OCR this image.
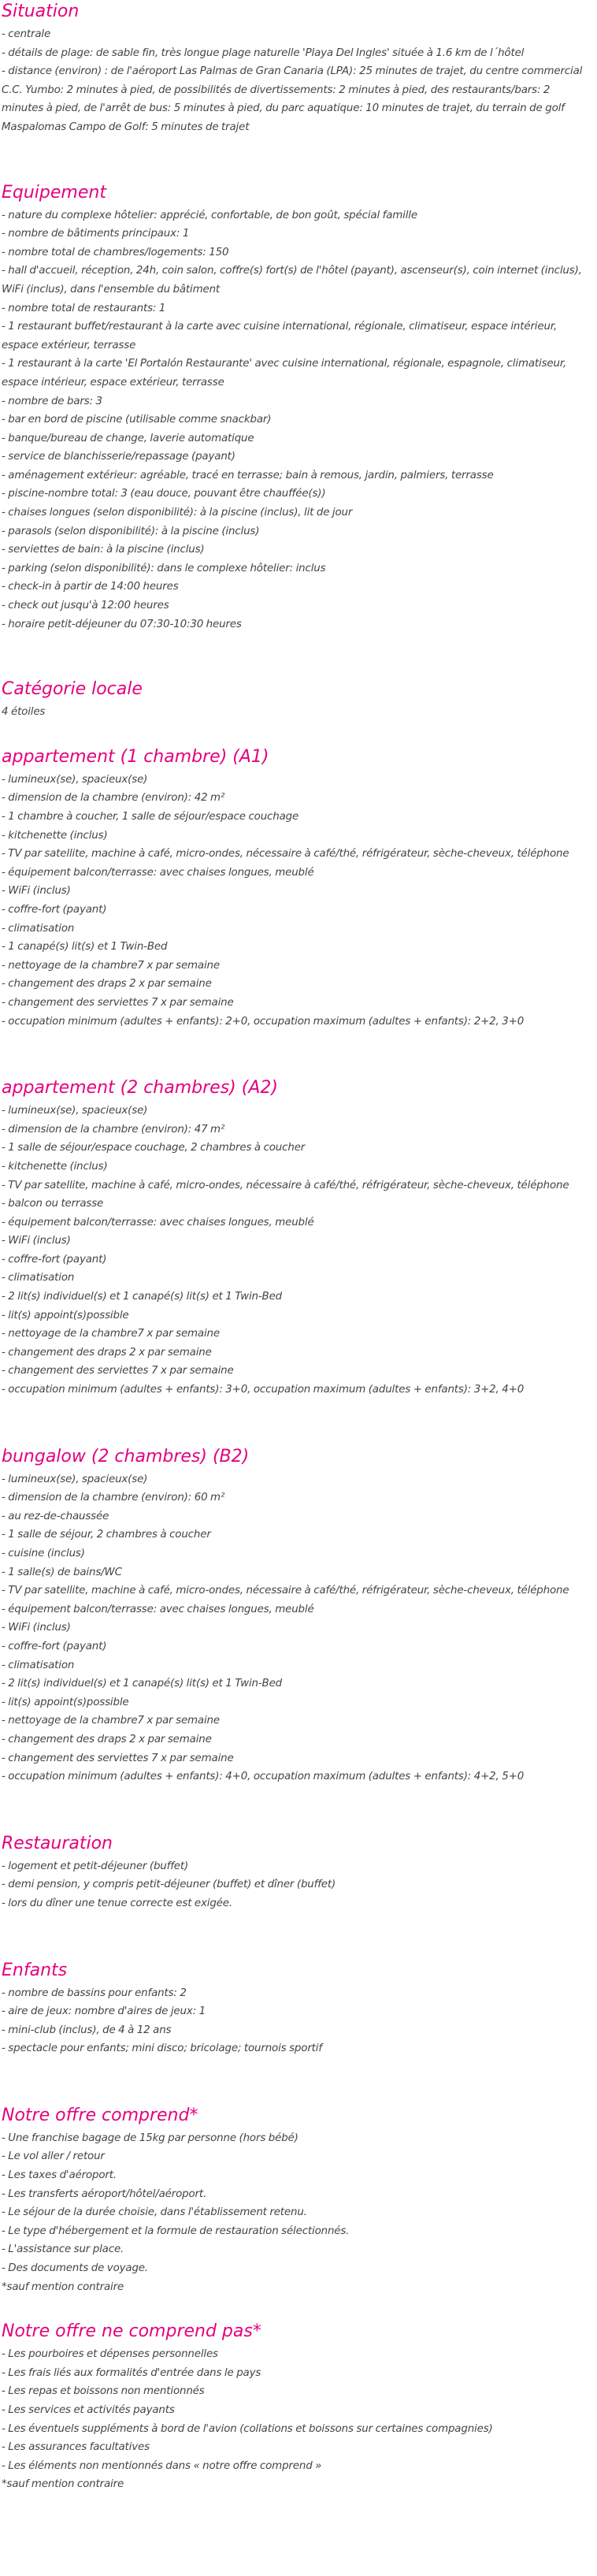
Situation
- centrale
- détails de plage: de sable fin, très longue plage naturelle 'Playa Del Ingles' située à 1.6 km de l´hôtel
- distance (environ) : de l'aéroport Las Palmas de Gran Canaria (LPA): 25 minutes de trajet, du centre commercial C.C. Yumbo: 2 minutes à pied, de possibilités de divertissements: 2 minutes à pied, des restaurants/bars: 2 minutes à pied, de l'arrêt de bus: 5 minutes à pied, du parc aquatique: 10 minutes de trajet, du terrain de golf Maspalomas Campo de Golf: 5 minutes de trajet
Equipement
- nature du complexe hôtelier: apprécié, confortable, de bon goût, spécial famille
- nombre de bâtiments principaux: 1
- nombre total de chambres/logements: 150
- hall d'accueil, réception, 24h, coin salon, coffre(s) fort(s) de l'hôtel (payant), ascenseur(s), coin internet (inclus), WiFi (inclus), dans l'ensemble du bâtiment
- nombre total de restaurants: 1
- 1 restaurant buffet/restaurant à la carte avec cuisine international, régionale, climatiseur, espace intérieur, espace extérieur, terrasse
- 1 restaurant à la carte 'El Portalón Restaurante' avec cuisine international, régionale, espagnole, climatiseur, espace intérieur, espace extérieur, terrasse
- nombre de bars: 3
- bar en bord de piscine (utilisable comme snackbar)
- banque/bureau de change, laverie automatique
- service de blanchisserie/repassage (payant)
- aménagement extérieur: agréable, tracé en terrasse; bain à remous, jardin, palmiers, terrasse
- piscine-nombre total: 3 (eau douce, pouvant être chauffée(s))
- chaises longues (selon disponibilité): à la piscine (inclus), lit de jour
- parasols (selon disponibilité): à la piscine (inclus)
- serviettes de bain: à la piscine (inclus)
- parking (selon disponibilité): dans le complexe hôtelier: inclus
- check-in à partir de 14:00 heures
- check out jusqu'à 12:00 heures
- horaire petit-déjeuner du 07:30-10:30 heures
Catégorie locale
4 étoiles
appartement (1 chambre) (A1)
- lumineux(se), spacieux(se)
- dimension de la chambre (environ): 42 m²
- 1 chambre à coucher, 1 salle de séjour/espace couchage
- kitchenette (inclus)
- TV par satellite, machine à café, micro-ondes, nécessaire à café/thé, réfrigérateur, sèche-cheveux, téléphone
- équipement balcon/terrasse: avec chaises longues, meublé
- WiFi (inclus)
- coffre-fort (payant)
- climatisation
- 1 canapé(s) lit(s) et 1 Twin-Bed
- nettoyage de la chambre7 x par semaine
- changement des draps 2 x par semaine
- changement des serviettes 7 x par semaine
- occupation minimum (adultes + enfants): 2+0, occupation maximum (adultes + enfants): 2+2, 3+0
appartement (2 chambres) (A2)
- lumineux(se), spacieux(se)
- dimension de la chambre (environ): 47 m²
- 1 salle de séjour/espace couchage, 2 chambres à coucher
- kitchenette (inclus)
- TV par satellite, machine à café, micro-ondes, nécessaire à café/thé, réfrigérateur, sèche-cheveux, téléphone
- balcon ou terrasse
- équipement balcon/terrasse: avec chaises longues, meublé
- WiFi (inclus)
- coffre-fort (payant)
- climatisation
- 2 lit(s) individuel(s) et 1 canapé(s) lit(s) et 1 Twin-Bed
- lit(s) appoint(s)possible
- nettoyage de la chambre7 x par semaine
- changement des draps 2 x par semaine
- changement des serviettes 7 x par semaine
- occupation minimum (adultes + enfants): 3+0, occupation maximum (adultes + enfants): 3+2, 4+0
bungalow (2 chambres) (B2)
- lumineux(se), spacieux(se)
- dimension de la chambre (environ): 60 m²
- au rez-de-chaussée
- 1 salle de séjour, 2 chambres à coucher
- cuisine (inclus)
- 1 salle(s) de bains/WC
- TV par satellite, machine à café, micro-ondes, nécessaire à café/thé, réfrigérateur, sèche-cheveux, téléphone
- équipement balcon/terrasse: avec chaises longues, meublé
- WiFi (inclus)
- coffre-fort (payant)
- climatisation
- 2 lit(s) individuel(s) et 1 canapé(s) lit(s) et 1 Twin-Bed
- lit(s) appoint(s)possible
- nettoyage de la chambre7 x par semaine
- changement des draps 2 x par semaine
- changement des serviettes 7 x par semaine
- occupation minimum (adultes + enfants): 4+0, occupation maximum (adultes + enfants): 4+2, 5+0
Restauration
- logement et petit-déjeuner (buffet)
- demi pension, y compris petit-déjeuner (buffet) et dîner (buffet)
- lors du dîner une tenue correcte est exigée.
Enfants
- nombre de bassins pour enfants: 2
- aire de jeux: nombre d'aires de jeux: 1
- mini-club (inclus), de 4 à 12 ans
- spectacle pour enfants; mini disco; bricolage; tournois sportif
Notre offre comprend*
- Une franchise bagage de 15kg par personne (hors bébé)
- Le vol aller / retour
- Les taxes d'aéroport.
- Les transferts aéroport/hôtel/aéroport.
- Le séjour de la durée choisie, dans l'établissement retenu.
- Le type d'hébergement et la formule de restauration sélectionnés.
- L'assistance sur place.
- Des documents de voyage.
*sauf mention contraire
Notre offre ne comprend pas*
- Les pourboires et dépenses personnelles
- Les frais liés aux formalités d'entrée dans le pays
- Les repas et boissons non mentionnés
- Les services et activités payants
- Les éventuels suppléments à bord de l'avion (collations et boissons sur certaines compagnies)
- Les assurances facultatives
- Les éléments non mentionnés dans « notre offre comprend »
*sauf mention contraire
